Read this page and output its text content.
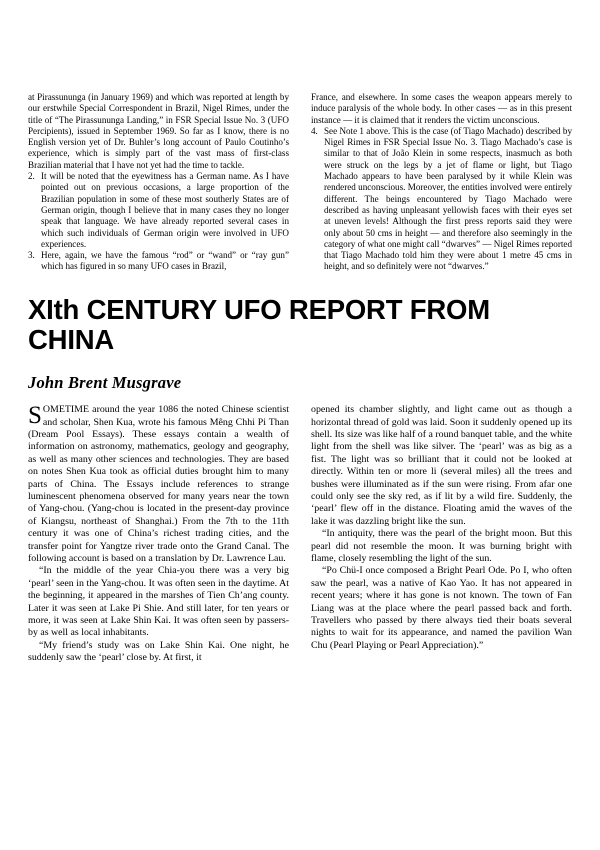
at Pirassununga (in January 1969) and which was reported at length by our erstwhile Special Correspondent in Brazil, Nigel Rimes, under the title of “The Pirassununga Landing,” in FSR Special Issue No. 3 (UFO Percipients), issued in September 1969. So far as I know, there is no English version yet of Dr. Buhler’s long account of Paulo Coutinho’s experience, which is simply part of the vast mass of first-class Brazilian material that I have not yet had the time to tackle.

2. It will be noted that the eyewitness has a German name. As I have pointed out on previous occasions, a large proportion of the Brazilian population in some of these most southerly States are of German origin, though I believe that in many cases they no longer speak that language. We have already reported several cases in which such individuals of German origin were involved in UFO experiences.
3. Here, again, we have the famous “rod” or “wand” or “ray gun” which has figured in so many UFO cases in Brazil,

France, and elsewhere. In some cases the weapon appears merely to induce paralysis of the whole body. In other cases — as in this present instance — it is claimed that it renders the victim unconscious.

4. See Note 1 above. This is the case (of Tiago Machado) described by Nigel Rimes in FSR Special Issue No. 3. Tiago Machado’s case is similar to that of João Klein in some respects, inasmuch as both were struck on the legs by a jet of flame or light, but Tiago Machado appears to have been paralysed by it while Klein was rendered unconscious. Moreover, the entities involved were entirely different. The beings encountered by Tiago Machado were described as having unpleasant yellowish faces with their eyes set at uneven levels! Although the first press reports said they were only about 50 cms in height — and therefore also seemingly in the category of what one might call “dwarves” — Nigel Rimes reported that Tiago Machado told him they were about 1 metre 45 cms in height, and so definitely were not “dwarves.”
XIth CENTURY UFO REPORT FROM CHINA
John Brent Musgrave

SOMETIME around the year 1086 the noted Chinese scientist and scholar, Shen Kua, wrote his famous Mêng Chhi Pi Than (Dream Pool Essays). These essays contain a wealth of information on astronomy, mathematics, geology and geography, as well as many other sciences and technologies. They are based on notes Shen Kua took as official duties brought him to many parts of China. The Essays include references to strange luminescent phenomena observed for many years near the town of Yang-chou. (Yang-chou is located in the present-day province of Kiangsu, northeast of Shanghai.) From the 7th to the 11th century it was one of China’s richest trading cities, and the transfer point for Yangtze river trade onto the Grand Canal. The following account is based on a translation by Dr. Lawrence Lau.

“In the middle of the year Chia-you there was a very big ‘pearl’ seen in the Yang-chou. It was often seen in the daytime. At the beginning, it appeared in the marshes of Tien Ch’ang county. Later it was seen at Lake Pi Shie. And still later, for ten years or more, it was seen at Lake Shin Kai. It was often seen by passers-by as well as local inhabitants.

“My friend’s study was on Lake Shin Kai. One night, he suddenly saw the ‘pearl’ close by. At first, it

opened its chamber slightly, and light came out as though a horizontal thread of gold was laid. Soon it suddenly opened up its shell. Its size was like half of a round banquet table, and the white light from the shell was like silver. The ‘pearl’ was as big as a fist. The light was so brilliant that it could not be looked at directly. Within ten or more li (several miles) all the trees and bushes were illuminated as if the sun were rising. From afar one could only see the sky red, as if lit by a wild fire. Suddenly, the ‘pearl’ flew off in the distance. Floating amid the waves of the lake it was dazzling bright like the sun.

“In antiquity, there was the pearl of the bright moon. But this pearl did not resemble the moon. It was burning bright with flame, closely resembling the light of the sun.

“Po Chü-I once composed a Bright Pearl Ode. Po I, who often saw the pearl, was a native of Kao Yao. It has not appeared in recent years; where it has gone is not known. The town of Fan Liang was at the place where the pearl passed back and forth. Travellers who passed by there always tied their boats several nights to wait for its appearance, and named the pavilion Wan Chu (Pearl Playing or Pearl Appreciation).”
